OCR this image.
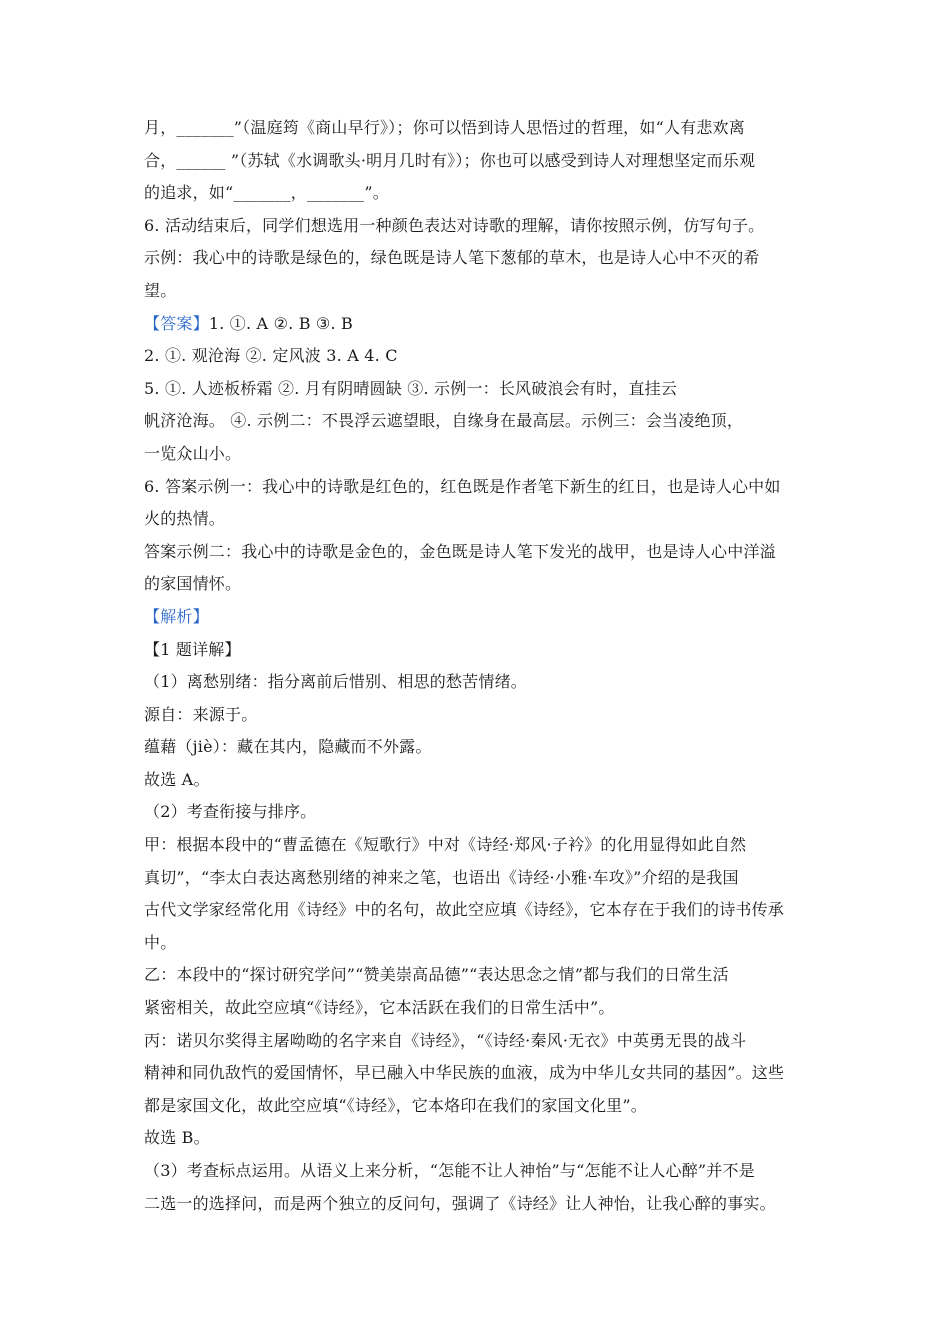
月，_______”（温庭筠《商山早行》）；你可以悟到诗人思悟过的哲理，如“人有悲欢离
合，______ ”（苏轼《水调歌头·明月几时有》）；你也可以感受到诗人对理想坚定而乐观
的追求，如“_______，_______”。
6. 活动结束后，同学们想选用一种颜色表达对诗歌的理解，请你按照示例，仿写句子。
示例：我心中的诗歌是绿色的，绿色既是诗人笔下葱郁的草木，也是诗人心中不灭的希
望。
【答案】1. ①. A ②. B ③. B
2. ①. 观沧海 ②. 定风波 3. A 4. C
5. ①. 人迹板桥霜 ②. 月有阴晴圆缺 ③. 示例一：长风破浪会有时，直挂云
帆济沧海。 ④. 示例二：不畏浮云遮望眼，自缘身在最高层。示例三：会当凌绝顶，
一览众山小。
6. 答案示例一：我心中的诗歌是红色的，红色既是作者笔下新生的红日，也是诗人心中如
火的热情。
答案示例二：我心中的诗歌是金色的，金色既是诗人笔下发光的战甲，也是诗人心中洋溢
的家国情怀。
【解析】
【1 题详解】
（1）离愁别绪：指分离前后惜别、相思的愁苦情绪。
源自：来源于。
蕴藉（jiè）：藏在其内，隐藏而不外露。
故选 A。
（2）考查衔接与排序。
甲：根据本段中的“曹孟德在《短歌行》中对《诗经·郑风·子衿》的化用显得如此自然
真切”，“李太白表达离愁别绪的神来之笔，也语出《诗经·小雅·车攻》”介绍的是我国
古代文学家经常化用《诗经》中的名句，故此空应填《诗经》，它本存在于我们的诗书传承
中。
乙：本段中的“探讨研究学问”“赞美崇高品德”“表达思念之情”都与我们的日常生活
紧密相关，故此空应填“《诗经》，它本活跃在我们的日常生活中”。
丙：诺贝尔奖得主屠呦呦的名字来自《诗经》，“《诗经·秦风·无衣》中英勇无畏的战斗
精神和同仇敌忾的爱国情怀，早已融入中华民族的血液，成为中华儿女共同的基因”。这些
都是家国文化，故此空应填“《诗经》，它本烙印在我们的家国文化里”。
故选 B。
（3）考查标点运用。从语义上来分析，“怎能不让人神怡”与“怎能不让人心醉”并不是
二选一的选择问，而是两个独立的反问句，强调了《诗经》让人神怡，让我心醉的事实。
